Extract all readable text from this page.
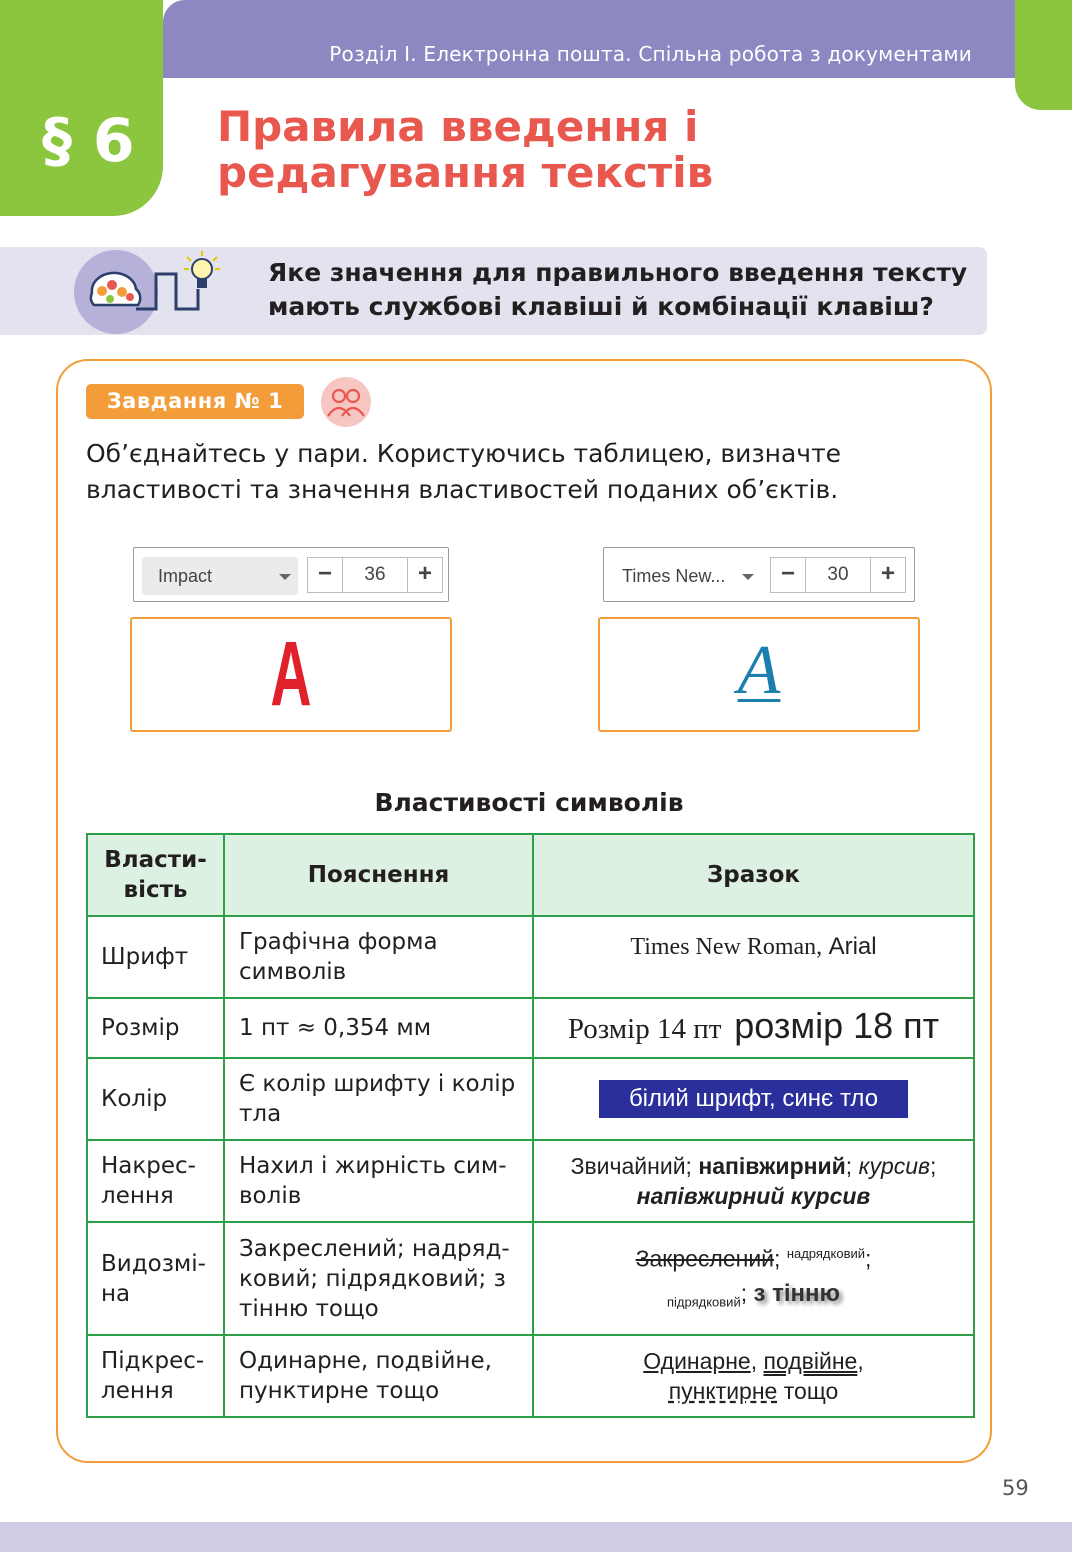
Розділ І. Електронна пошта. Спільна робота з документами
§ 6 Правила введення і редагування текстів
Яке значення для правильного введення тексту мають службові клавіші й комбінації клавіш?
Завдання № 1
Об’єднайтесь у пари. Користуючись таблицею, визначте властивості та значення властивостей поданих об’єктів.
Impact	−	36	+
A
Times New...	−	30	+
A
Властивості символів
Власти-вість	Пояснення	Зразок
Шрифт	Графічна форма символів	Times New Roman, Arial
Розмір	1 пт ≈ 0,354 мм	Розмір 14 пт розмір 18 пт
Колір	Є колір шрифту і колір тла	білий шрифт, синє тло
Накрес-лення	Нахил і жирність сим-волів	Звичайний; напівжирний; курсив;
напівжирний курсив
Видозмі-на	Закреслений; надряд-ковий; підрядковий; з тінню тощо	Закреслений; $^{надрядковий}$;
$_{підрядковий}$; з тінню
Підкрес-лення	Одинарне, подвійне, пунктирне тощо	Одинарне, подвійне,
пунктирне тощо
59
